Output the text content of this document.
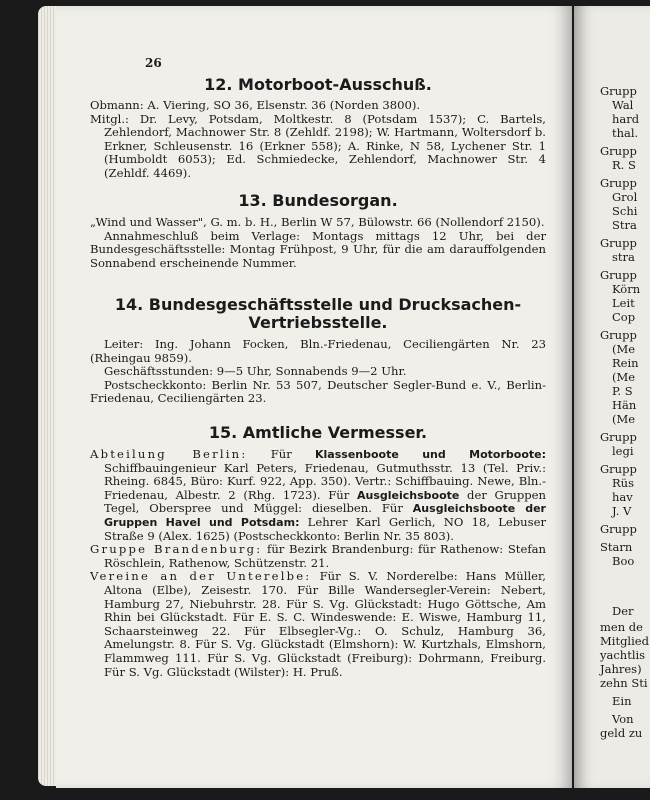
26
12. Motorboot-Ausschuß.

Obmann: A. Viering, SO 36, Elsenstr. 36 (Norden 3800).

Mitgl.: Dr. Levy, Potsdam, Moltkestr. 8 (Potsdam 1537); C. Bartels, Zehlendorf, Machnower Str. 8 (Zehldf. 2198); W. Hartmann, Woltersdorf b. Erkner, Schleusenstr. 16 (Erkner 558); A. Rinke, N 58, Lychener Str. 1 (Humboldt 6053); Ed. Schmiedecke, Zehlendorf, Machnower Str. 4 (Zehldf. 4469).

13. Bundesorgan.

„Wind und Wasser", G. m. b. H., Berlin W 57, Bülowstr. 66 (Nollendorf 2150).

Annahmeschluß beim Verlage: Montags mittags 12 Uhr, bei der Bundesgeschäftsstelle: Montag Frühpost, 9 Uhr, für die am darauffolgenden Sonnabend erscheinende Nummer.

14. Bundesgeschäftsstelle und Drucksachen-
Vertriebsstelle.

Leiter: Ing. Johann Focken, Bln.-Friedenau, Ceciliengärten Nr. 23 (Rheingau 9859).

Geschäftsstunden: 9—5 Uhr, Sonnabends 9—2 Uhr.

Postscheckkonto: Berlin Nr. 53 507, Deutscher Segler-Bund e. V., Berlin-Friedenau, Ceciliengärten 23.

15. Amtliche Vermesser.

Abteilung Berlin: Für Klassenboote und Motorboote: Schiffbauingenieur Karl Peters, Friedenau, Gutmuthsstr. 13 (Tel. Priv.: Rheing. 6845, Büro: Kurf. 922, App. 350). Vertr.: Schiffbauing. Newe, Bln.-Friedenau, Albestr. 2 (Rhg. 1723). Für Ausgleichsboote der Gruppen Tegel, Oberspree und Müggel: dieselben. Für Ausgleichsboote der Gruppen Havel und Potsdam: Lehrer Karl Gerlich, NO 18, Lebuser Straße 9 (Alex. 1625) (Postscheckkonto: Berlin Nr. 35 803).

Gruppe Brandenburg: für Bezirk Brandenburg: für Rathenow: Stefan Röschlein, Rathenow, Schützenstr. 21.

Vereine an der Unterelbe: Für S. V. Norderelbe: Hans Müller, Altona (Elbe), Zeisestr. 170. Für Bille Wandersegler-Verein: Nebert, Hamburg 27, Niebuhrstr. 28. Für S. Vg. Glückstadt: Hugo Göttsche, Am Rhin bei Glückstadt. Für E. S. C. Windeswende: E. Wiswe, Hamburg 11, Schaarsteinweg 22. Für Elbsegler-Vg.: O. Schulz, Hamburg 36, Amelungstr. 8. Für S. Vg. Glückstadt (Elmshorn): W. Kurtzhals, Elmshorn, Flammweg 111. Für S. Vg. Glückstadt (Freiburg): Dohrmann, Freiburg. Für S. Vg. Glückstadt (Wilster): H. Pruß.

Grupp
Wal
hard
thal.
Grupp
R. S
Grupp
Grol
Schi
Stra
Grupp
stra
Grupp
Körn
Leit
Cop
Grupp
(Me
Rein
(Me
P. S
Hän
(Me
Grupp
legi
Grupp
Rüs
hav
J. V
Grupp
Starn
Boo
Der
men de
Mitglied
yachtlis
Jahres)
zehn Sti
Ein
Von
geld zu
